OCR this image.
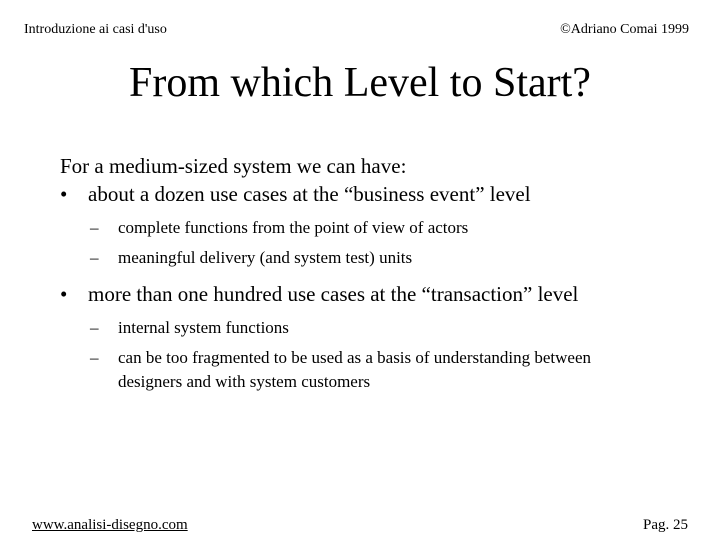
Introduzione ai casi d'uso	©Adriano Comai 1999
From which Level to Start?

For a medium-sized system we can have:

• about a dozen use cases at the “business event” level
– complete functions from the point of view of actors
– meaningful delivery (and system test) units
• more than one hundred use cases at the “transaction” level
– internal system functions
– can be too fragmented to be used as a basis of understanding between designers and with system customers
www.analisi-disegno.com	Pag. 25
